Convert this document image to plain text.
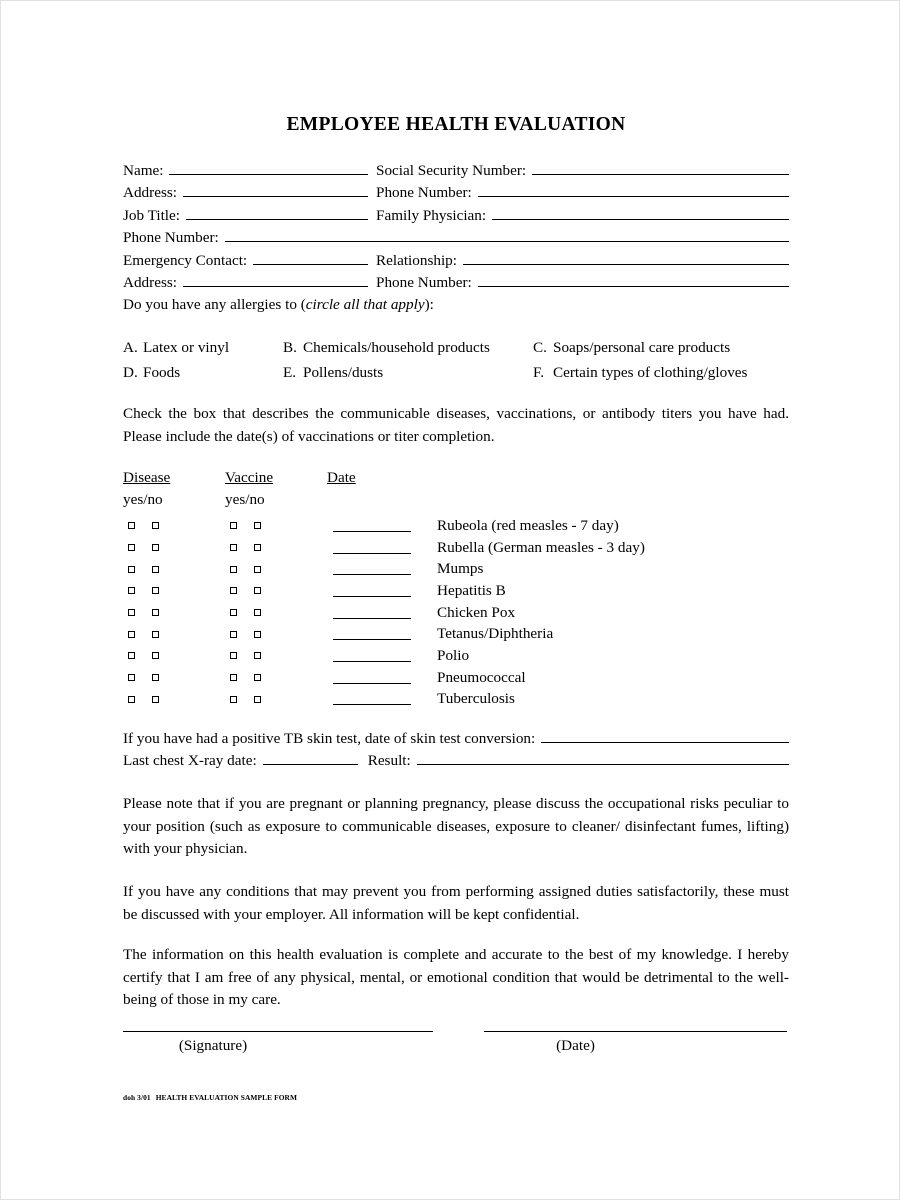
EMPLOYEE HEALTH EVALUATION
Name:	Social Security Number:
Address:	Phone Number:
Job Title:	Family Physician:
Phone Number:
Emergency Contact:	Relationship:
Address:	Phone Number:
Do you have any allergies to (circle all that apply):
A. Latex or vinyl	B. Chemicals/household products	C. Soaps/personal care products
D. Foods	E. Pollens/dusts	F. Certain types of clothing/gloves
Check the box that describes the communicable diseases, vaccinations, or antibody titers you have had. Please include the date(s) of vaccinations or titer completion.
Disease	Vaccine	Date
yes/no	yes/no
Rubeola (red measles - 7 day)
Rubella (German measles - 3 day)
Mumps
Hepatitis B
Chicken Pox
Tetanus/Diphtheria
Polio
Pneumococcal
Tuberculosis
If you have had a positive TB skin test, date of skin test conversion:
Last chest X-ray date:	Result:
Please note that if you are pregnant or planning pregnancy, please discuss the occupational risks peculiar to your position (such as exposure to communicable diseases, exposure to cleaner/ disinfectant fumes, lifting) with your physician.
If you have any conditions that may prevent you from performing assigned duties satisfactorily, these must be discussed with your employer. All information will be kept confidential.
The information on this health evaluation is complete and accurate to the best of my knowledge. I hereby certify that I am free of any physical, mental, or emotional condition that would be detrimental to the well-being of those in my care.
(Signature)	(Date)
doh 3/01 HEALTH EVALUATION SAMPLE FORM
